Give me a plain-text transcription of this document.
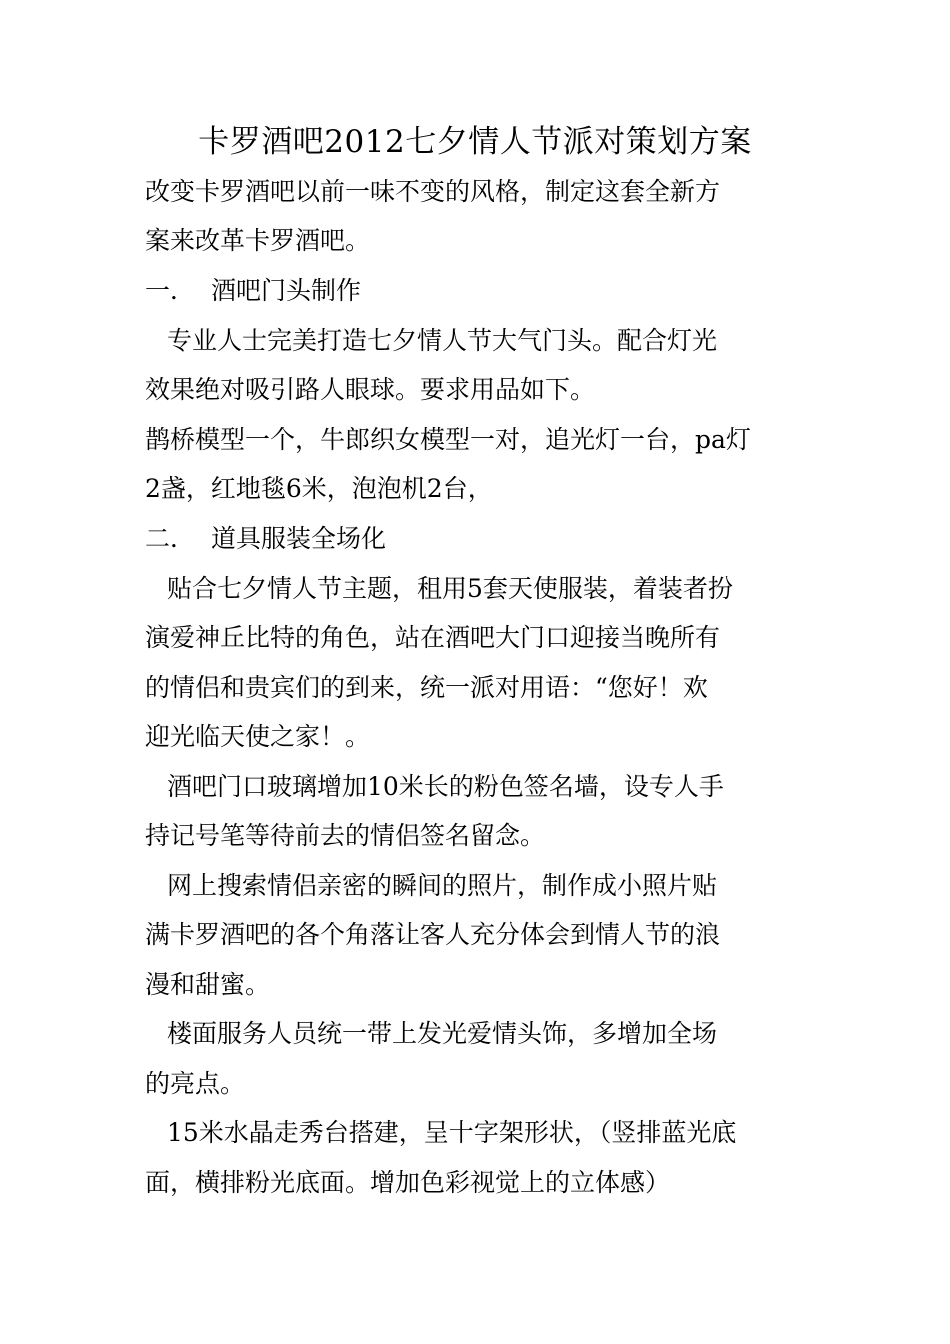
卡罗酒吧2012七夕情人节派对策划方案

改变卡罗酒吧以前一味不变的风格，制定这套全新方

案来改革卡罗酒吧。

一． 酒吧门头制作

专业人士完美打造七夕情人节大气门头。配合灯光

效果绝对吸引路人眼球。要求用品如下。

鹊桥模型一个，牛郎织女模型一对，追光灯一台，pa灯

2盏，红地毯6米，泡泡机2台，

二． 道具服装全场化

贴合七夕情人节主题，租用5套天使服装，着装者扮

演爱神丘比特的角色，站在酒吧大门口迎接当晚所有

的情侣和贵宾们的到来，统一派对用语：“您好！欢

迎光临天使之家！。

酒吧门口玻璃增加10米长的粉色签名墙，设专人手

持记号笔等待前去的情侣签名留念。

网上搜索情侣亲密的瞬间的照片，制作成小照片贴

满卡罗酒吧的各个角落让客人充分体会到情人节的浪

漫和甜蜜。

楼面服务人员统一带上发光爱情头饰，多增加全场

的亮点。

15米水晶走秀台搭建，呈十字架形状，（竖排蓝光底

面，横排粉光底面。增加色彩视觉上的立体感）
